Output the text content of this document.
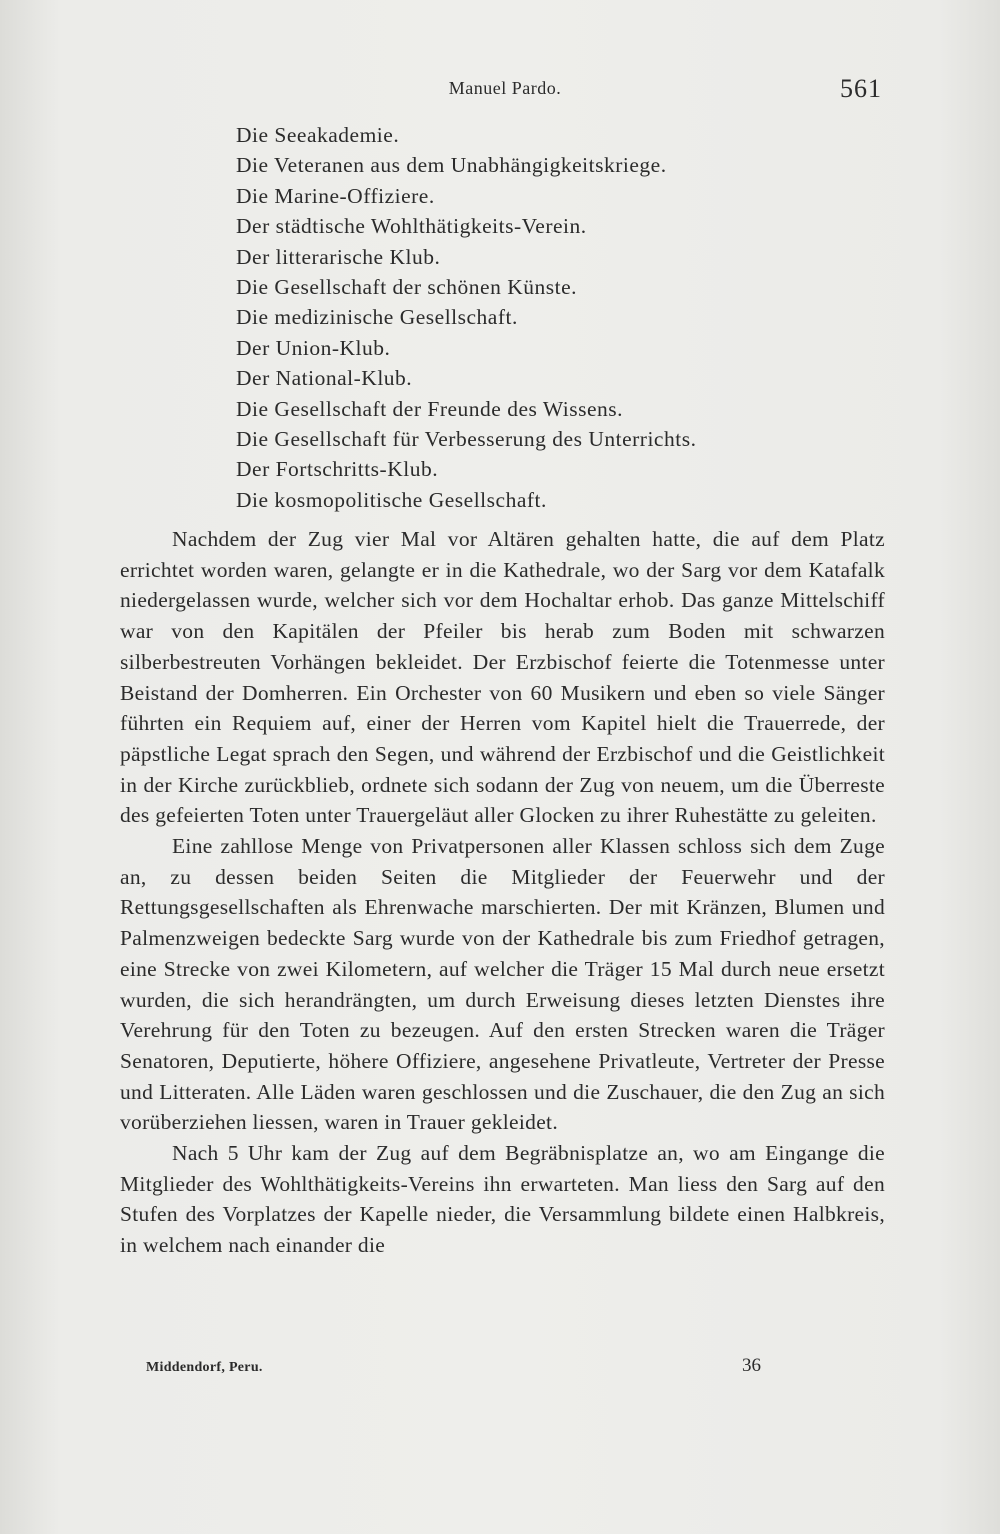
Manuel Pardo.	561
Die Seeakademie.
Die Veteranen aus dem Unabhängigkeitskriege.
Die Marine-Offiziere.
Der städtische Wohlthätigkeits-Verein.
Der litterarische Klub.
Die Gesellschaft der schönen Künste.
Die medizinische Gesellschaft.
Der Union-Klub.
Der National-Klub.
Die Gesellschaft der Freunde des Wissens.
Die Gesellschaft für Verbesserung des Unterrichts.
Der Fortschritts-Klub.
Die kosmopolitische Gesellschaft.

Nachdem der Zug vier Mal vor Altären gehalten hatte, die auf dem Platz errichtet worden waren, gelangte er in die Kathedrale, wo der Sarg vor dem Katafalk niedergelassen wurde, welcher sich vor dem Hochaltar erhob. Das ganze Mittelschiff war von den Kapitälen der Pfeiler bis herab zum Boden mit schwarzen silberbestreuten Vorhängen bekleidet. Der Erzbischof feierte die Totenmesse unter Beistand der Domherren. Ein Orchester von 60 Musikern und eben so viele Sänger führten ein Requiem auf, einer der Herren vom Kapitel hielt die Trauerrede, der päpstliche Legat sprach den Segen, und während der Erzbischof und die Geistlichkeit in der Kirche zurückblieb, ordnete sich sodann der Zug von neuem, um die Überreste des gefeierten Toten unter Trauergeläut aller Glocken zu ihrer Ruhestätte zu geleiten.

Eine zahllose Menge von Privatpersonen aller Klassen schloss sich dem Zuge an, zu dessen beiden Seiten die Mitglieder der Feuerwehr und der Rettungsgesellschaften als Ehrenwache marschierten. Der mit Kränzen, Blumen und Palmenzweigen bedeckte Sarg wurde von der Kathedrale bis zum Friedhof getragen, eine Strecke von zwei Kilometern, auf welcher die Träger 15 Mal durch neue ersetzt wurden, die sich herandrängten, um durch Erweisung dieses letzten Dienstes ihre Verehrung für den Toten zu bezeugen. Auf den ersten Strecken waren die Träger Senatoren, Deputierte, höhere Offiziere, angesehene Privatleute, Vertreter der Presse und Litteraten. Alle Läden waren geschlossen und die Zuschauer, die den Zug an sich vorüberziehen liessen, waren in Trauer gekleidet.

Nach 5 Uhr kam der Zug auf dem Begräbnisplatze an, wo am Eingange die Mitglieder des Wohlthätigkeits-Vereins ihn erwarteten. Man liess den Sarg auf den Stufen des Vorplatzes der Kapelle nieder, die Versammlung bildete einen Halbkreis, in welchem nach einander die

Middendorf, Peru.	36
